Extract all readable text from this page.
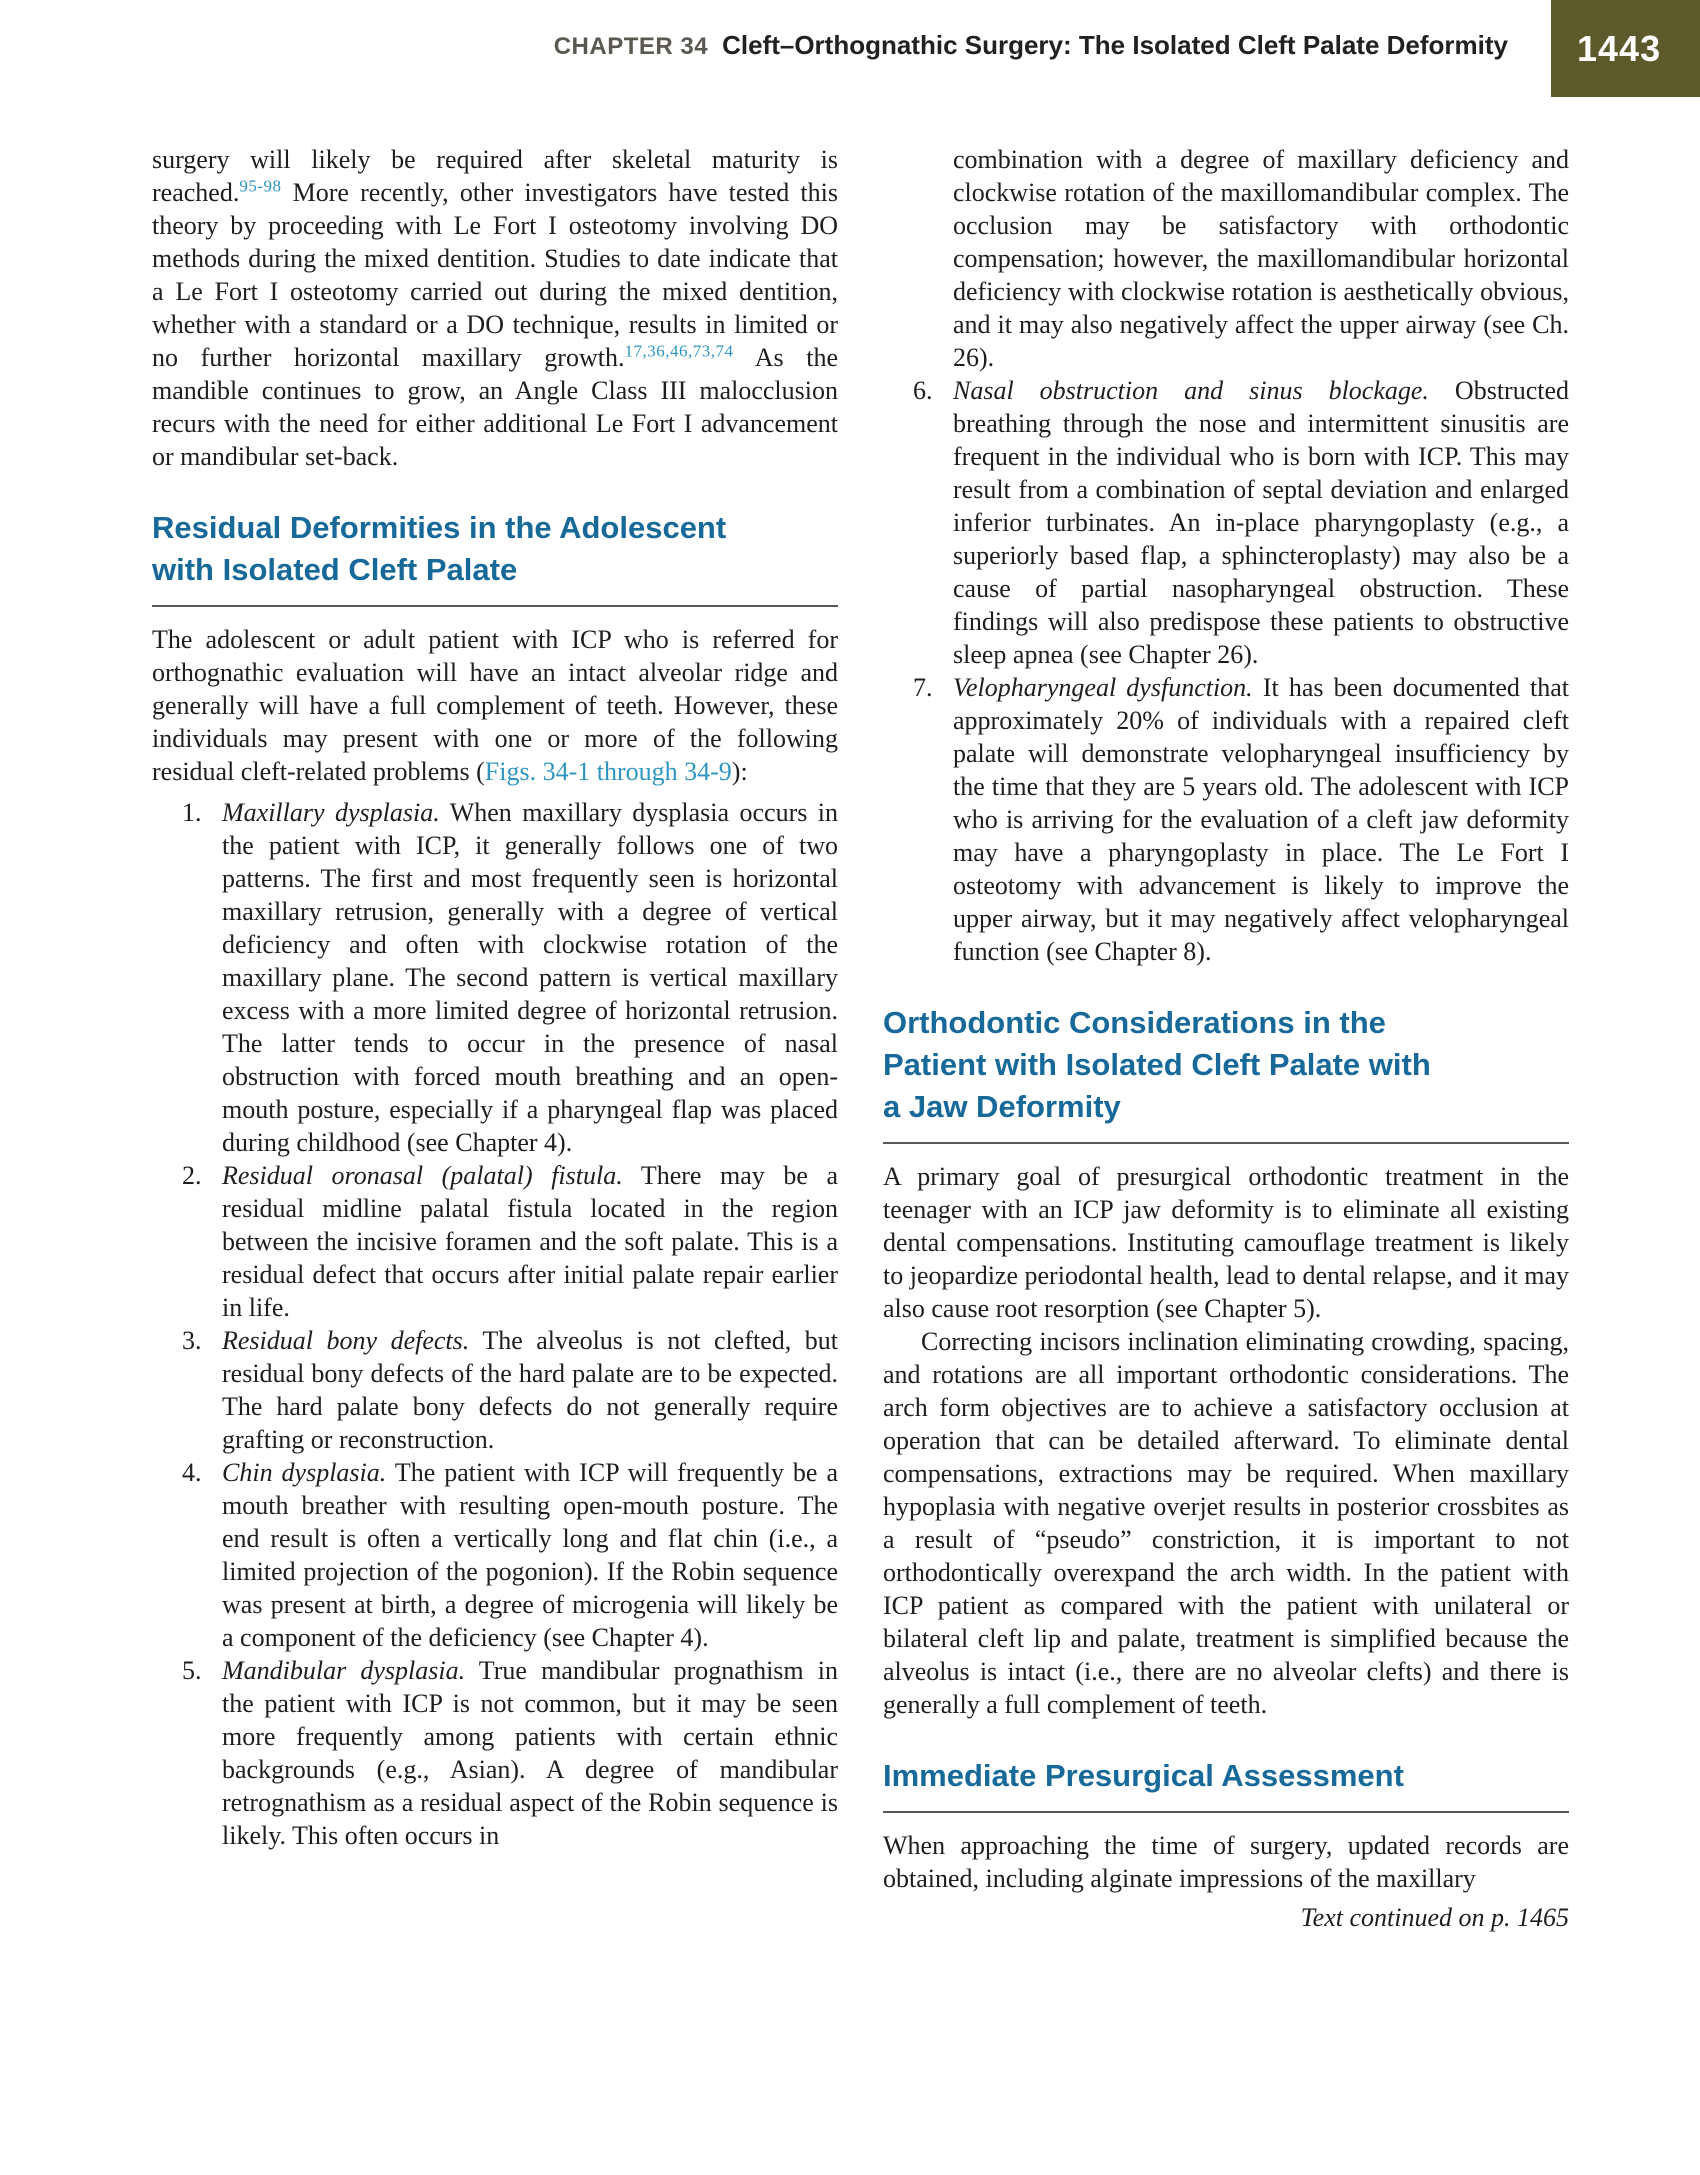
CHAPTER 34 Cleft–Orthognathic Surgery: The Isolated Cleft Palate Deformity	1443

surgery will likely be required after skeletal maturity is reached.$^{95-98}$ More recently, other investigators have tested this theory by proceeding with Le Fort I osteotomy involving DO methods during the mixed dentition. Studies to date indicate that a Le Fort I osteotomy carried out during the mixed dentition, whether with a standard or a DO technique, results in limited or no further horizontal maxillary growth.$^{17,36,46,73,74}$ As the mandible continues to grow, an Angle Class III malocclusion recurs with the need for either additional Le Fort I advancement or mandibular set-back.

Residual Deformities in the Adolescent
with Isolated Cleft Palate

The adolescent or adult patient with ICP who is referred for orthognathic evaluation will have an intact alveolar ridge and generally will have a full complement of teeth. However, these individuals may present with one or more of the following residual cleft-related problems (Figs. 34-1 through 34-9):

1. Maxillary dysplasia. When maxillary dysplasia occurs in the patient with ICP, it generally follows one of two patterns. The first and most frequently seen is horizontal maxillary retrusion, generally with a degree of vertical deficiency and often with clockwise rotation of the maxillary plane. The second pattern is vertical maxillary excess with a more limited degree of horizontal retrusion. The latter tends to occur in the presence of nasal obstruction with forced mouth breathing and an open-mouth posture, especially if a pharyngeal flap was placed during childhood (see Chapter 4).
2. Residual oronasal (palatal) fistula. There may be a residual midline palatal fistula located in the region between the incisive foramen and the soft palate. This is a residual defect that occurs after initial palate repair earlier in life.
3. Residual bony defects. The alveolus is not clefted, but residual bony defects of the hard palate are to be expected. The hard palate bony defects do not generally require grafting or reconstruction.
4. Chin dysplasia. The patient with ICP will frequently be a mouth breather with resulting open-mouth posture. The end result is often a vertically long and flat chin (i.e., a limited projection of the pogonion). If the Robin sequence was present at birth, a degree of microgenia will likely be a component of the deficiency (see Chapter 4).
5. Mandibular dysplasia. True mandibular prognathism in the patient with ICP is not common, but it may be seen more frequently among patients with certain ethnic backgrounds (e.g., Asian). A degree of mandibular retrognathism as a residual aspect of the Robin sequence is likely. This often occurs in
combination with a degree of maxillary deficiency and clockwise rotation of the maxillomandibular complex. The occlusion may be satisfactory with orthodontic compensation; however, the maxillomandibular horizontal deficiency with clockwise rotation is aesthetically obvious, and it may also negatively affect the upper airway (see Ch. 26).
6. Nasal obstruction and sinus blockage. Obstructed breathing through the nose and intermittent sinusitis are frequent in the individual who is born with ICP. This may result from a combination of septal deviation and enlarged inferior turbinates. An in-place pharyngoplasty (e.g., a superiorly based flap, a sphincteroplasty) may also be a cause of partial nasopharyngeal obstruction. These findings will also predispose these patients to obstructive sleep apnea (see Chapter 26).
7. Velopharyngeal dysfunction. It has been documented that approximately 20% of individuals with a repaired cleft palate will demonstrate velopharyngeal insufficiency by the time that they are 5 years old. The adolescent with ICP who is arriving for the evaluation of a cleft jaw deformity may have a pharyngoplasty in place. The Le Fort I osteotomy with advancement is likely to improve the upper airway, but it may negatively affect velopharyngeal function (see Chapter 8).
Orthodontic Considerations in the
Patient with Isolated Cleft Palate with
a Jaw Deformity

A primary goal of presurgical orthodontic treatment in the teenager with an ICP jaw deformity is to eliminate all existing dental compensations. Instituting camouflage treatment is likely to jeopardize periodontal health, lead to dental relapse, and it may also cause root resorption (see Chapter 5).

Correcting incisors inclination eliminating crowding, spacing, and rotations are all important orthodontic considerations. The arch form objectives are to achieve a satisfactory occlusion at operation that can be detailed afterward. To eliminate dental compensations, extractions may be required. When maxillary hypoplasia with negative overjet results in posterior crossbites as a result of “pseudo” constriction, it is important to not orthodontically overexpand the arch width. In the patient with ICP patient as compared with the patient with unilateral or bilateral cleft lip and palate, treatment is simplified because the alveolus is intact (i.e., there are no alveolar clefts) and there is generally a full complement of teeth.

Immediate Presurgical Assessment

When approaching the time of surgery, updated records are obtained, including alginate impressions of the maxillary

Text continued on p. 1465
